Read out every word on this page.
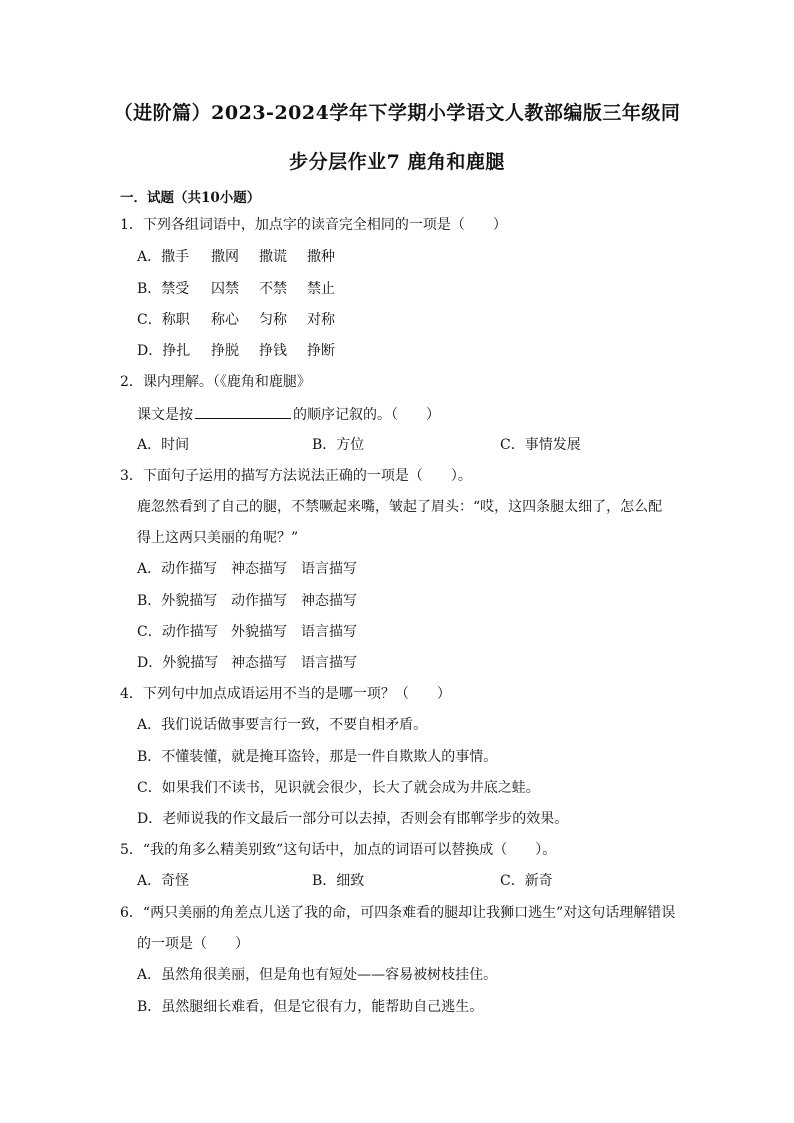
（进阶篇）2023-2024学年下学期小学语文人教部编版三年级同
步分层作业7 鹿角和鹿腿
一．试题（共10小题）
1．下列各组词语中，加点字的读音完全相同的一项是（　　）
A．撒手	撒网	撒谎	撒种
B．禁受	囚禁	不禁	禁止
C．称职	称心	匀称	对称
D．挣扎	挣脱	挣钱	挣断
2．课内理解。（《鹿角和鹿腿》
课文是按	的顺序记叙的。（　　）
A．时间	B．方位	C．事情发展
3．下面句子运用的描写方法说法正确的一项是（　　）。
鹿忽然看到了自己的腿，不禁噘起来嘴，皱起了眉头：“哎，这四条腿太细了，怎么配
得上这两只美丽的角呢？”
A．动作描写 神态描写	语言描写
B．外貌描写 动作描写	神态描写
C．动作描写 外貌描写	语言描写
D．外貌描写 神态描写	语言描写
4．下列句中加点成语运用不当的是哪一项？（　　）
A．我们说话做事要言行一致，不要自相矛盾。
B．不懂装懂，就是掩耳盗铃，那是一件自欺欺人的事情。
C．如果我们不读书，见识就会很少，长大了就会成为井底之蛙。
D．老师说我的作文最后一部分可以去掉，否则会有邯郸学步的效果。
5．“我的角多么精美别致”这句话中，加点的词语可以替换成（　　）。
A．奇怪	B．细致	C．新奇
6．“两只美丽的角差点儿送了我的命，可四条难看的腿却让我狮口逃生”对这句话理解错误
的一项是（　　）
A．虽然角很美丽，但是角也有短处——容易被树枝挂住。
B．虽然腿细长难看，但是它很有力，能帮助自己逃生。
